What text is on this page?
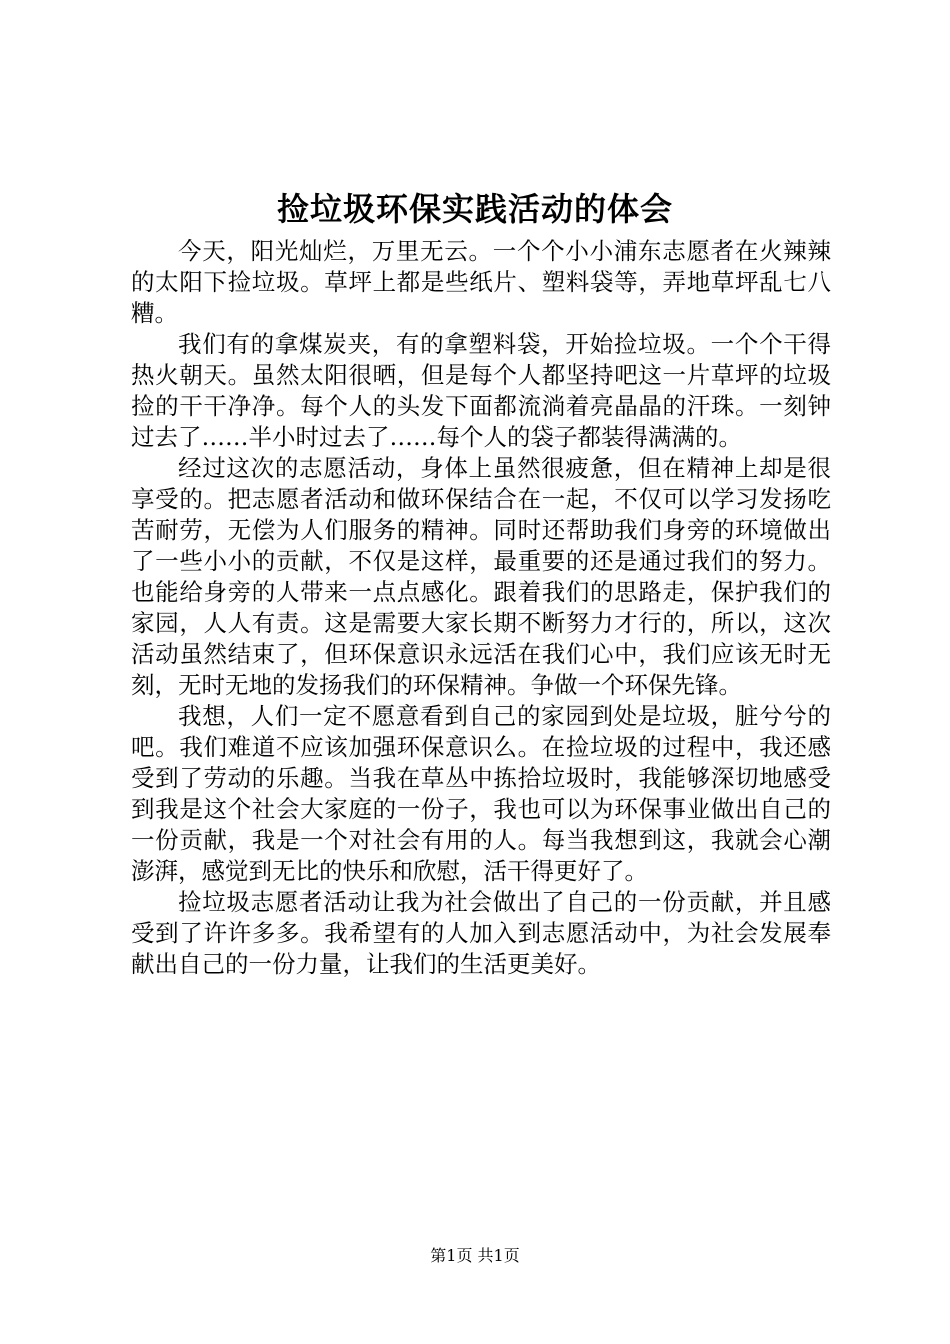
捡垃圾环保实践活动的体会

今天，阳光灿烂，万里无云。一个个小小浦东志愿者在火辣辣的太阳下捡垃圾。草坪上都是些纸片、塑料袋等，弄地草坪乱七八糟。

我们有的拿煤炭夹，有的拿塑料袋，开始捡垃圾。一个个干得热火朝天。虽然太阳很晒，但是每个人都坚持吧这一片草坪的垃圾捡的干干净净。每个人的头发下面都流淌着亮晶晶的汗珠。一刻钟过去了……半小时过去了……每个人的袋子都装得满满的。

经过这次的志愿活动，身体上虽然很疲惫，但在精神上却是很享受的。把志愿者活动和做环保结合在一起，不仅可以学习发扬吃苦耐劳，无偿为人们服务的精神。同时还帮助我们身旁的环境做出了一些小小的贡献，不仅是这样，最重要的还是通过我们的努力。也能给身旁的人带来一点点感化。跟着我们的思路走，保护我们的家园，人人有责。这是需要大家长期不断努力才行的，所以，这次活动虽然结束了，但环保意识永远活在我们心中，我们应该无时无刻，无时无地的发扬我们的环保精神。争做一个环保先锋。

我想，人们一定不愿意看到自己的家园到处是垃圾，脏兮兮的吧。我们难道不应该加强环保意识么。在捡垃圾的过程中，我还感受到了劳动的乐趣。当我在草丛中拣拾垃圾时，我能够深切地感受到我是这个社会大家庭的一份子，我也可以为环保事业做出自己的一份贡献，我是一个对社会有用的人。每当我想到这，我就会心潮澎湃，感觉到无比的快乐和欣慰，活干得更好了。

捡垃圾志愿者活动让我为社会做出了自己的一份贡献，并且感受到了许许多多。我希望有的人加入到志愿活动中，为社会发展奉献出自己的一份力量，让我们的生活更美好。

第1页 共1页
